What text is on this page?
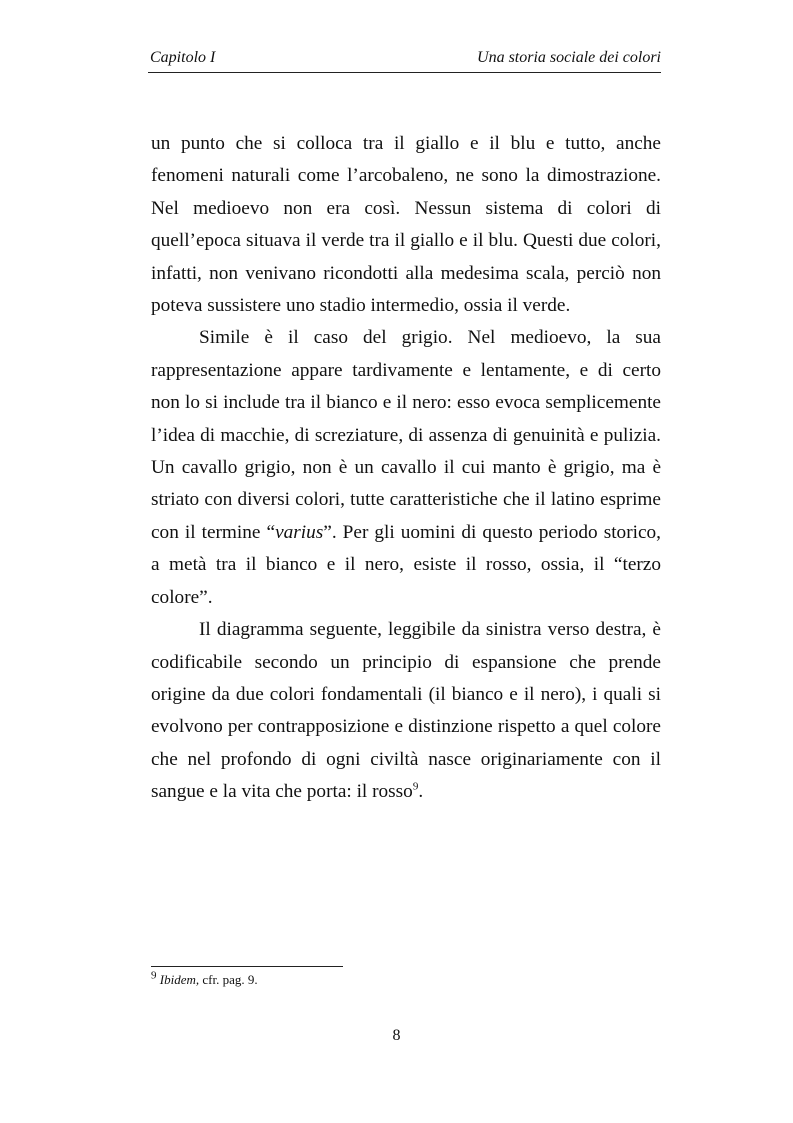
Capitolo I	Una storia sociale dei colori

un punto che si colloca tra il giallo e il blu e tutto, anche fenomeni naturali come l’arcobaleno, ne sono la dimostrazione. Nel medioevo non era così. Nessun sistema di colori di quell’epoca situava il verde tra il giallo e il blu. Questi due colori, infatti, non venivano ricondotti alla medesima scala, perciò non poteva sussistere uno stadio intermedio, ossia il verde.

Simile è il caso del grigio. Nel medioevo, la sua rappresentazione appare tardivamente e lentamente, e di certo non lo si include tra il bianco e il nero: esso evoca semplicemente l’idea di macchie, di screziature, di assenza di genuinità e pulizia. Un cavallo grigio, non è un cavallo il cui manto è grigio, ma è striato con diversi colori, tutte caratteristiche che il latino esprime con il termine “varius”. Per gli uomini di questo periodo storico, a metà tra il bianco e il nero, esiste il rosso, ossia, il “terzo colore”.

Il diagramma seguente, leggibile da sinistra verso destra, è codificabile secondo un principio di espansione che prende origine da due colori fondamentali (il bianco e il nero), i quali si evolvono per contrapposizione e distinzione rispetto a quel colore che nel profondo di ogni civiltà nasce originariamente con il sangue e la vita che porta: il rosso$^9$.

$^9$ Ibidem, cfr. pag. 9.
8
